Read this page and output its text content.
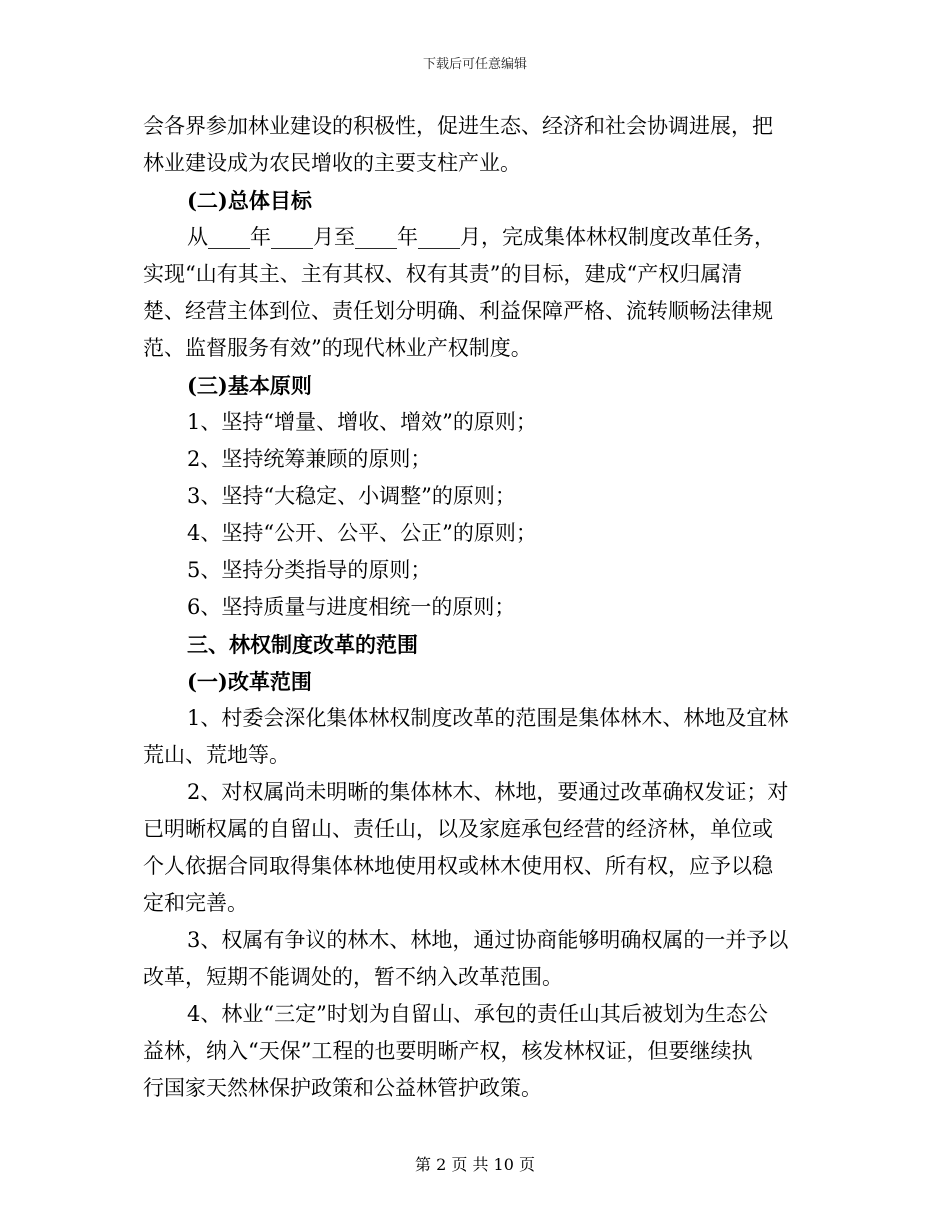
下载后可任意编辑
会各界参加林业建设的积极性，促进生态、经济和社会协调进展，把
林业建设成为农民增收的主要支柱产业。
(二)总体目标
从____年____月至____年____月，完成集体林权制度改革任务，
实现“山有其主、主有其权、权有其责”的目标，建成“产权归属清
楚、经营主体到位、责任划分明确、利益保障严格、流转顺畅法律规
范、监督服务有效”的现代林业产权制度。
(三)基本原则
1、坚持“增量、增收、增效”的原则；
2、坚持统筹兼顾的原则；
3、坚持“大稳定、小调整”的原则；
4、坚持“公开、公平、公正”的原则；
5、坚持分类指导的原则；
6、坚持质量与进度相统一的原则；
三、林权制度改革的范围
(一)改革范围
1、村委会深化集体林权制度改革的范围是集体林木、林地及宜林
荒山、荒地等。
2、对权属尚未明晰的集体林木、林地，要通过改革确权发证；对
已明晰权属的自留山、责任山，以及家庭承包经营的经济林，单位或
个人依据合同取得集体林地使用权或林木使用权、所有权，应予以稳
定和完善。
3、权属有争议的林木、林地，通过协商能够明确权属的一并予以
改革，短期不能调处的，暂不纳入改革范围。
4、林业“三定”时划为自留山、承包的责任山其后被划为生态公
益林，纳入“天保”工程的也要明晰产权，核发林权证，但要继续执
行国家天然林保护政策和公益林管护政策。
第 2 页 共 10 页
